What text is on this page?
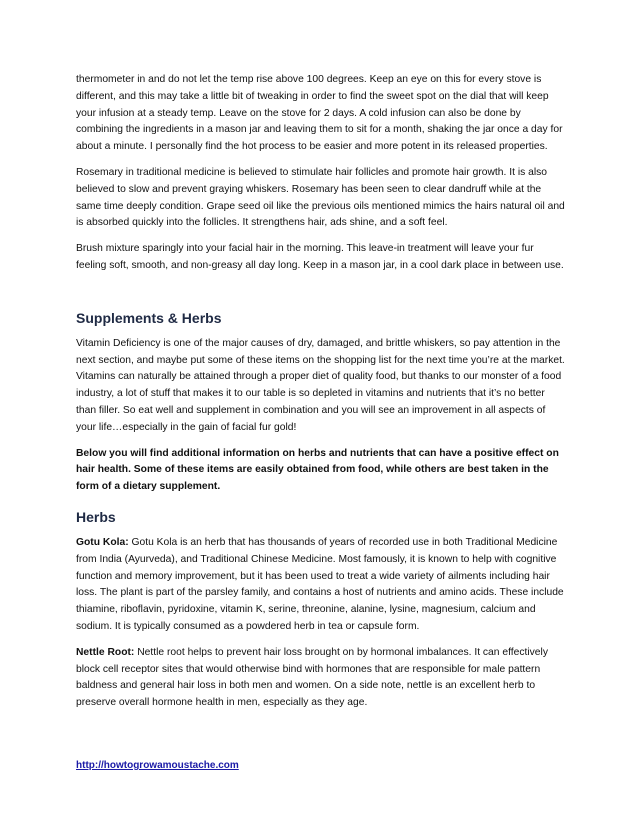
thermometer in and do not let the temp rise above 100 degrees. Keep an eye on this for every stove is different, and this may take a little bit of tweaking in order to find the sweet spot on the dial that will keep your infusion at a steady temp. Leave on the stove for 2 days. A cold infusion can also be done by combining the ingredients in a mason jar and leaving them to sit for a month, shaking the jar once a day for about a minute. I personally find the hot process to be easier and more potent in its released properties.

Rosemary in traditional medicine is believed to stimulate hair follicles and promote hair growth. It is also believed to slow and prevent graying whiskers. Rosemary has been seen to clear dandruff while at the same time deeply condition. Grape seed oil like the previous oils mentioned mimics the hairs natural oil and is absorbed quickly into the follicles. It strengthens hair, ads shine, and a soft feel.

Brush mixture sparingly into your facial hair in the morning. This leave-in treatment will leave your fur feeling soft, smooth, and non-greasy all day long. Keep in a mason jar, in a cool dark place in between use.

Supplements & Herbs

Vitamin Deficiency is one of the major causes of dry, damaged, and brittle whiskers, so pay attention in the next section, and maybe put some of these items on the shopping list for the next time you’re at the market. Vitamins can naturally be attained through a proper diet of quality food, but thanks to our monster of a food industry, a lot of stuff that makes it to our table is so depleted in vitamins and nutrients that it’s no better than filler. So eat well and supplement in combination and you will see an improvement in all aspects of your life…especially in the gain of facial fur gold!

Below you will find additional information on herbs and nutrients that can have a positive effect on hair health. Some of these items are easily obtained from food, while others are best taken in the form of a dietary supplement.

Herbs

Gotu Kola: Gotu Kola is an herb that has thousands of years of recorded use in both Traditional Medicine from India (Ayurveda), and Traditional Chinese Medicine. Most famously, it is known to help with cognitive function and memory improvement, but it has been used to treat a wide variety of ailments including hair loss. The plant is part of the parsley family, and contains a host of nutrients and amino acids. These include thiamine, riboflavin, pyridoxine, vitamin K, serine, threonine, alanine, lysine, magnesium, calcium and sodium. It is typically consumed as a powdered herb in tea or capsule form.

Nettle Root: Nettle root helps to prevent hair loss brought on by hormonal imbalances. It can effectively block cell receptor sites that would otherwise bind with hormones that are responsible for male pattern baldness and general hair loss in both men and women. On a side note, nettle is an excellent herb to preserve overall hormone health in men, especially as they age.

http://howtogrowamoustache.com
